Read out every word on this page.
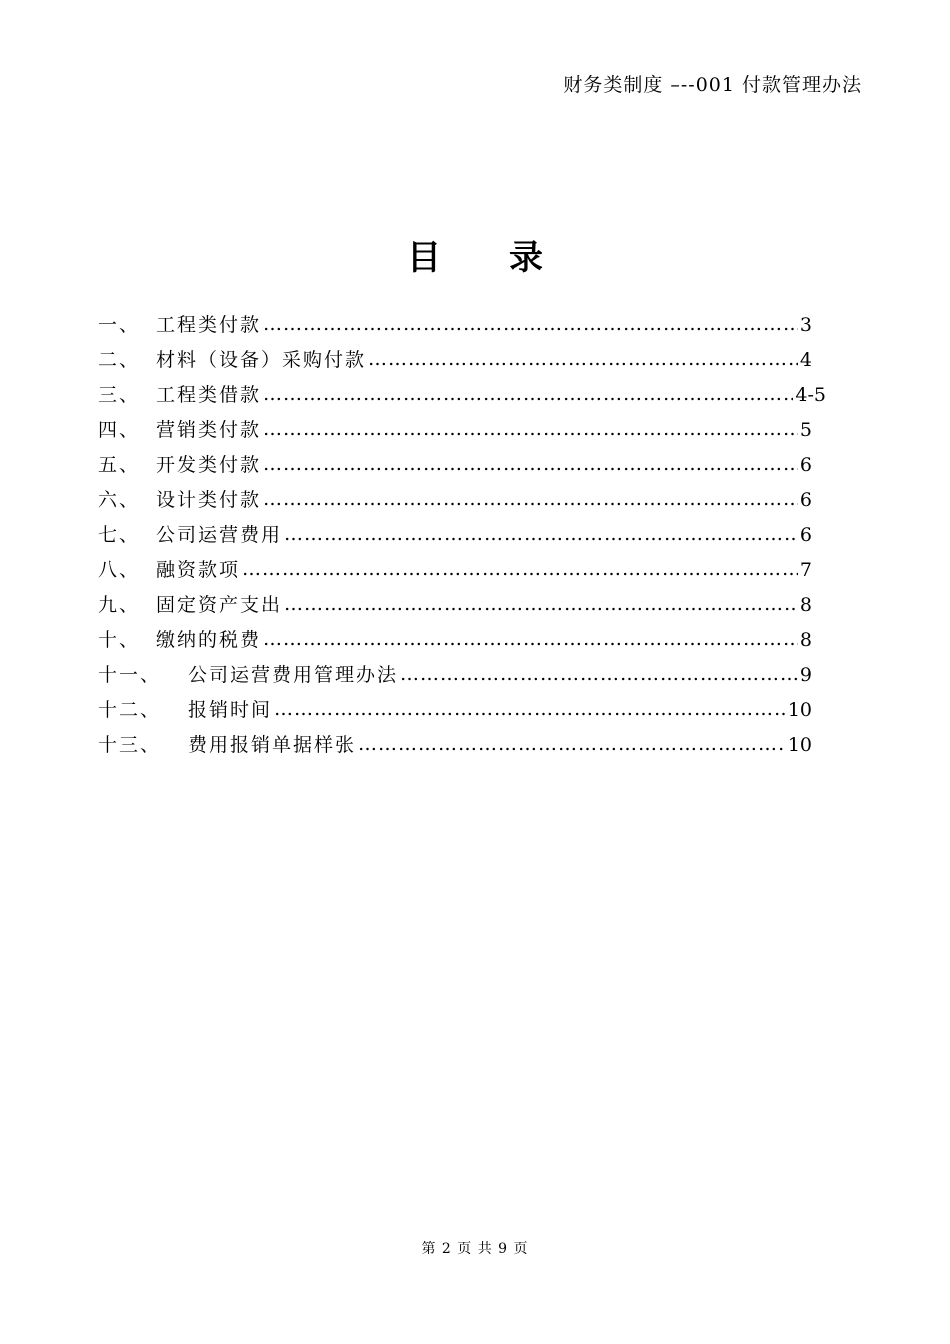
财务类制度 –--001 付款管理办法
目 录
一、 工程类付款 …………………………………………………………………………………………………………………………………………………………………………………………	3
二、 材料（设备）采购付款 …………………………………………………………………………………………………………………………………………………………………………………………	4
三、 工程类借款 …………………………………………………………………………………………………………………………………………………………………………………………	4-5
四、 营销类付款 …………………………………………………………………………………………………………………………………………………………………………………………	5
五、 开发类付款 …………………………………………………………………………………………………………………………………………………………………………………………	6
六、 设计类付款 …………………………………………………………………………………………………………………………………………………………………………………………	6
七、 公司运营费用 …………………………………………………………………………………………………………………………………………………………………………………………	6
八、 融资款项 …………………………………………………………………………………………………………………………………………………………………………………………	7
九、 固定资产支出 …………………………………………………………………………………………………………………………………………………………………………………………	8
十、 缴纳的税费 …………………………………………………………………………………………………………………………………………………………………………………………	8
十一、	公司运营费用管理办法 …………………………………………………………………………………………………………………………………………………………………………………………	9
十二、	报销时间 …………………………………………………………………………………………………………………………………………………………………………………………	10
十三、	费用报销单据样张 …………………………………………………………………………………………………………………………………………………………………………………………	10
第 2 页 共 9 页
